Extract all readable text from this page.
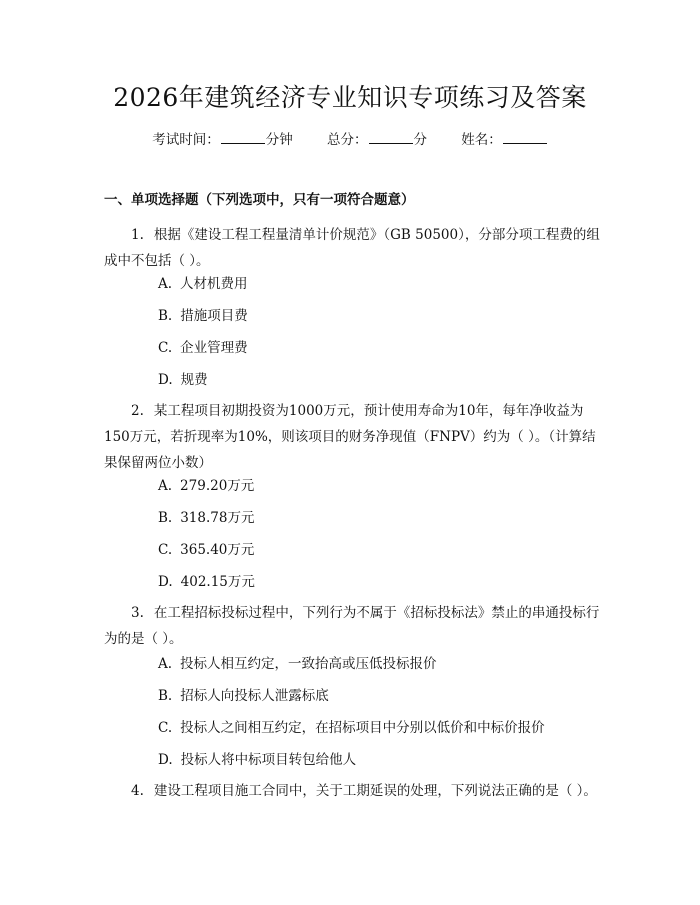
2026年建筑经济专业知识专项练习及答案
考试时间：	分钟	总分：	分	姓名：
一、单项选择题（下列选项中，只有一项符合题意）
1. 根据《建设工程工程量清单计价规范》（GB 50500），分部分项工程费的组成中不包括（ ）。
A. 人材机费用
B. 措施项目费
C. 企业管理费
D. 规费
2. 某工程项目初期投资为1000万元，预计使用寿命为10年，每年净收益为150万元，若折现率为10%，则该项目的财务净现值（FNPV）约为（ ）。（计算结果保留两位小数）
A. 279.20万元
B. 318.78万元
C. 365.40万元
D. 402.15万元
3. 在工程招标投标过程中，下列行为不属于《招标投标法》禁止的串通投标行为的是（ ）。
A. 投标人相互约定，一致抬高或压低投标报价
B. 招标人向投标人泄露标底
C. 投标人之间相互约定，在招标项目中分别以低价和中标价报价
D. 投标人将中标项目转包给他人
4. 建设工程项目施工合同中，关于工期延误的处理，下列说法正确的是（ ）。
